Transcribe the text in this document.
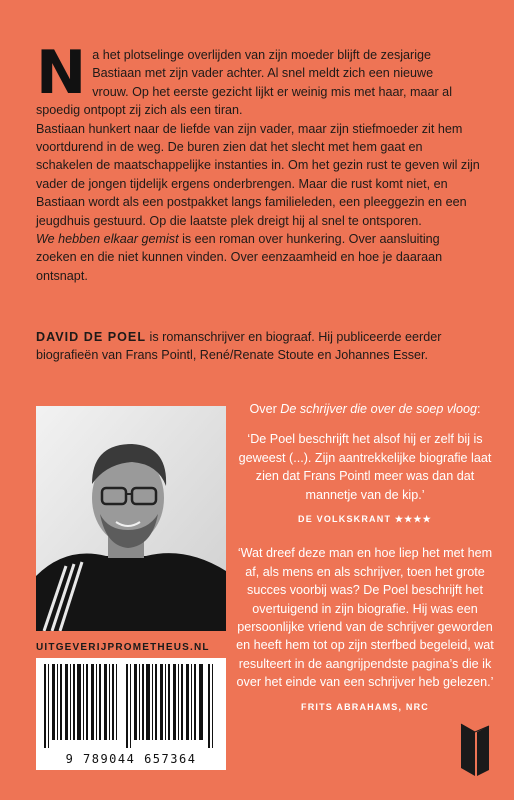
N a het plotselinge overlijden van zijn moeder blijft de zesjarige
Bastiaan met zijn vader achter. Al snel meldt zich een nieuwe
vrouw. Op het eerste gezicht lijkt er weinig mis met haar, maar al
spoedig ontpopt zij zich als een tiran.

Bastiaan hunkert naar de liefde van zijn vader, maar zijn stiefmoeder zit hem voortdurend in de weg. De buren zien dat het slecht met hem gaat en schakelen de maatschappelijke instanties in. Om het gezin rust te geven wil zijn vader de jongen tijdelijk ergens onderbrengen. Maar die rust komt niet, en Bastiaan wordt als een postpakket langs familieleden, een pleeggezin en een jeugdhuis gestuurd. Op die laatste plek dreigt hij al snel te ontsporen.

We hebben elkaar gemist is een roman over hunkering. Over aansluiting zoeken en die niet kunnen vinden. Over eenzaamheid en hoe je daaraan ontsnapt.

DAVID DE POEL is romanschrijver en biograaf. Hij publiceerde eerder biografieën van Frans Pointl, René/Renate Stoute en Johannes Esser.
UITGEVERIJPROMETHEUS.NL
9 789044 657364

Over De schrijver die over de soep vloog:

‘De Poel beschrijft het alsof hij er zelf bij is geweest (...). Zijn aantrekkelijke biografie laat zien dat Frans Pointl meer was dan dat mannetje van de kip.’

DE VOLKSKRANT ★★★★

‘Wat dreef deze man en hoe liep het met hem af, als mens en als schrijver, toen het grote succes voorbij was? De Poel beschrijft het overtuigend in zijn biografie. Hij was een persoonlijke vriend van de schrijver geworden en heeft hem tot op zijn sterfbed begeleid, wat resulteert in de aangrijpendste pagina’s die ik over het einde van een schrijver heb gelezen.’

FRITS ABRAHAMS, NRC
